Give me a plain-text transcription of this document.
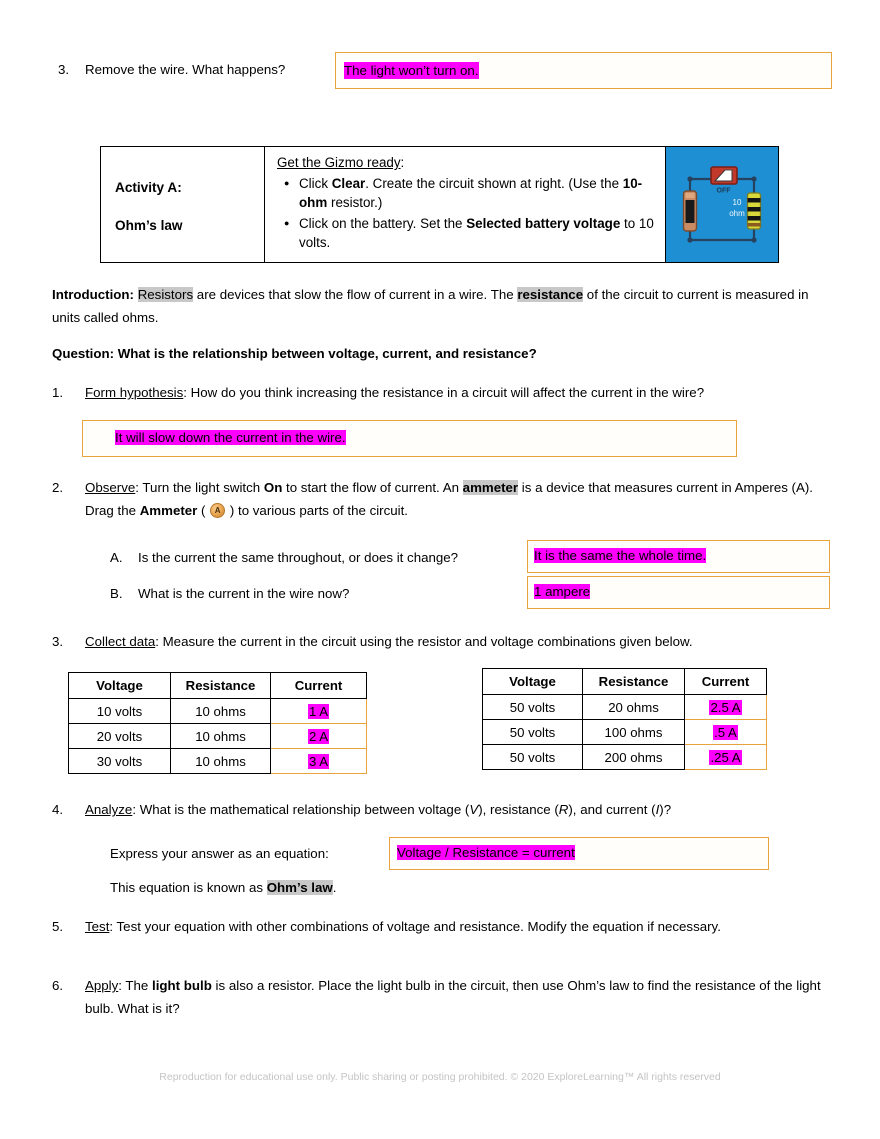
3.	Remove the wire. What happens?	The light won’t turn on.
Activity A:
Ohm’s law
Get the Gizmo ready:
● Click Clear. Create the circuit shown at right. (Use the 10-ohm resistor.)
● Click on the battery. Set the Selected battery voltage to 10 volts.
OFF
10
ohm
Introduction: Resistors are devices that slow the flow of current in a wire. The resistance of the circuit to current is measured in units called ohms.
Question: What is the relationship between voltage, current, and resistance?
1.	Form hypothesis: How do you think increasing the resistance in a circuit will affect the current in the wire?
It will slow down the current in the wire.
2.	Observe: Turn the light switch On to start the flow of current. An ammeter is a device that measures current in Amperes (A). Drag the Ammeter ( A ) to various parts of the circuit.
A.	Is the current the same throughout, or does it change?	It is the same the whole time.
B.	What is the current in the wire now?	1 ampere
3.	Collect data: Measure the current in the circuit using the resistor and voltage combinations given below.
Voltage	Resistance	Current
10 volts	10 ohms	1 A
20 volts	10 ohms	2 A
30 volts	10 ohms	3 A
Voltage	Resistance	Current
50 volts	20 ohms	2.5 A
50 volts	100 ohms	.5 A
50 volts	200 ohms	.25 A
4.	Analyze: What is the mathematical relationship between voltage (V), resistance (R), and current (I)?
Express your answer as an equation:	Voltage / Resistance = current
This equation is known as Ohm’s law.
5.	Test: Test your equation with other combinations of voltage and resistance. Modify the equation if necessary.
6.	Apply: The light bulb is also a resistor. Place the light bulb in the circuit, then use Ohm’s law to find the resistance of the light bulb. What is it?
Reproduction for educational use only. Public sharing or posting prohibited. © 2020 ExploreLearning™ All rights reserved
